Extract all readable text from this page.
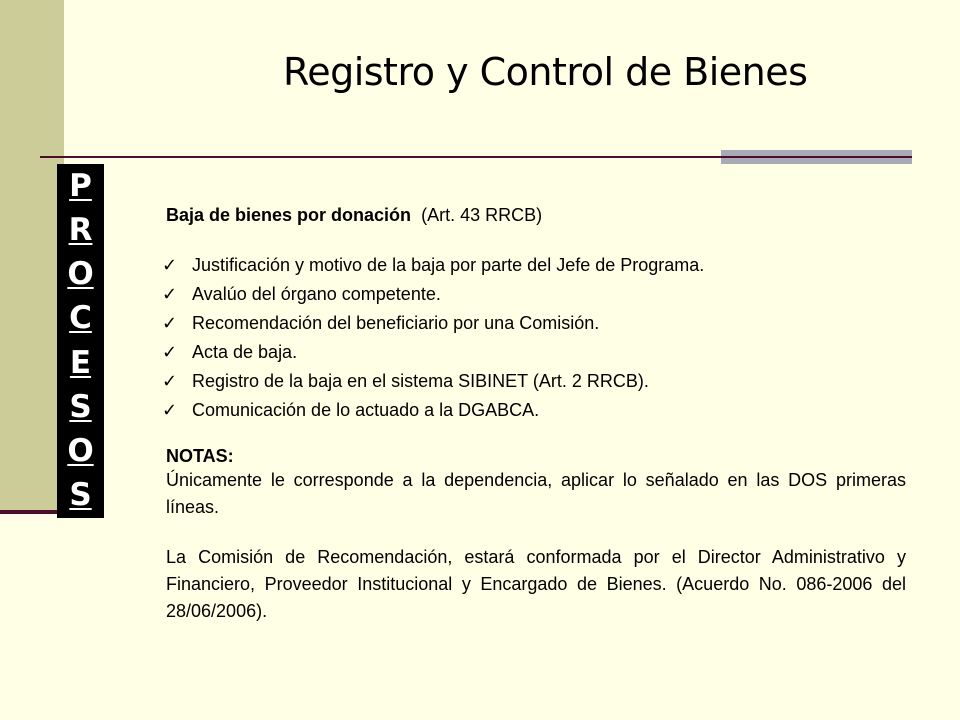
Registro y Control de Bienes
P
R
O
C
E
S
O
S

Baja de bienes por donación (Art. 43 RRCB)

✓ Justificación y motivo de la baja por parte del Jefe de Programa.
✓ Avalúo del órgano competente.
✓ Recomendación del beneficiario por una Comisión.
✓ Acta de baja.
✓ Registro de la baja en el sistema SIBINET (Art. 2 RRCB).
✓ Comunicación de lo actuado a la DGABCA.
NOTAS:

Únicamente le corresponde a la dependencia, aplicar lo señalado en las DOS primeras líneas.

La Comisión de Recomendación, estará conformada por el Director Administrativo y Financiero, Proveedor Institucional y Encargado de Bienes. (Acuerdo No. 086-2006 del 28/06/2006).
